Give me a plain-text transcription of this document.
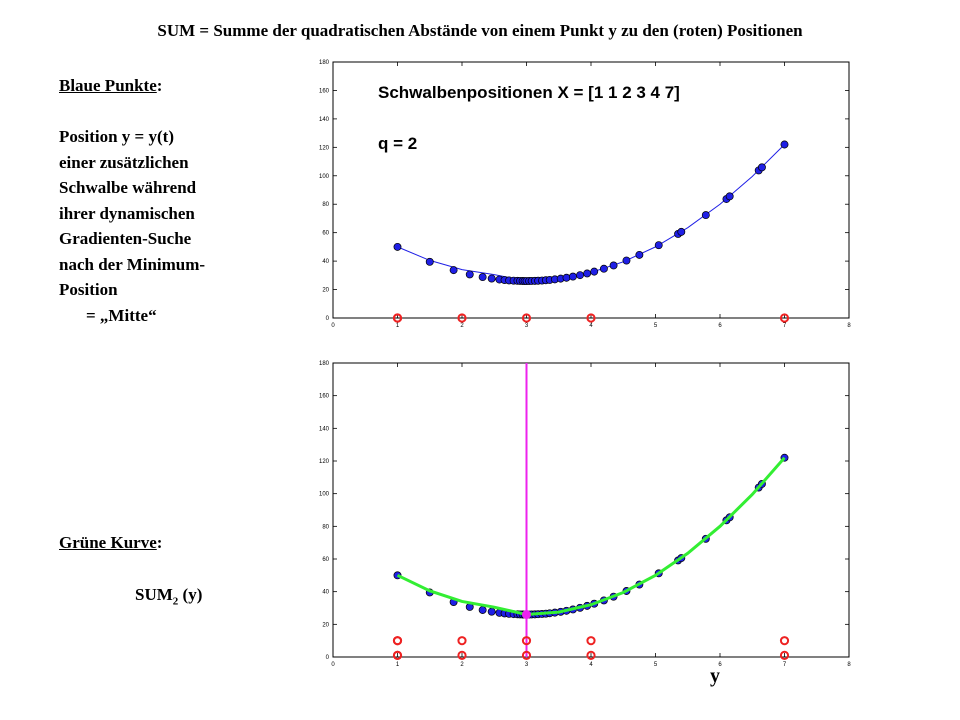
SUM = Summe der quadratischen Abstände von einem Punkt y zu den (roten) Positionen
Blaue Punkte:

Position y = y(t)
einer zusätzlichen
Schwalbe während
ihrer dynamischen
Gradienten-Suche
nach der Minimum-
Position
= „Mitte“
Grüne Kurve:
$SUM_2$ (y)
y
0	1	2	3	4	5	6	7	8
0
20
40
60
80
100
120
140
160
180
Schwalbenpositionen X = [1 1 2 3 4 7]
q = 2
0	1	2	3	4	5	6	7	8
0
20
40
60
80
100
120
140
160
180
